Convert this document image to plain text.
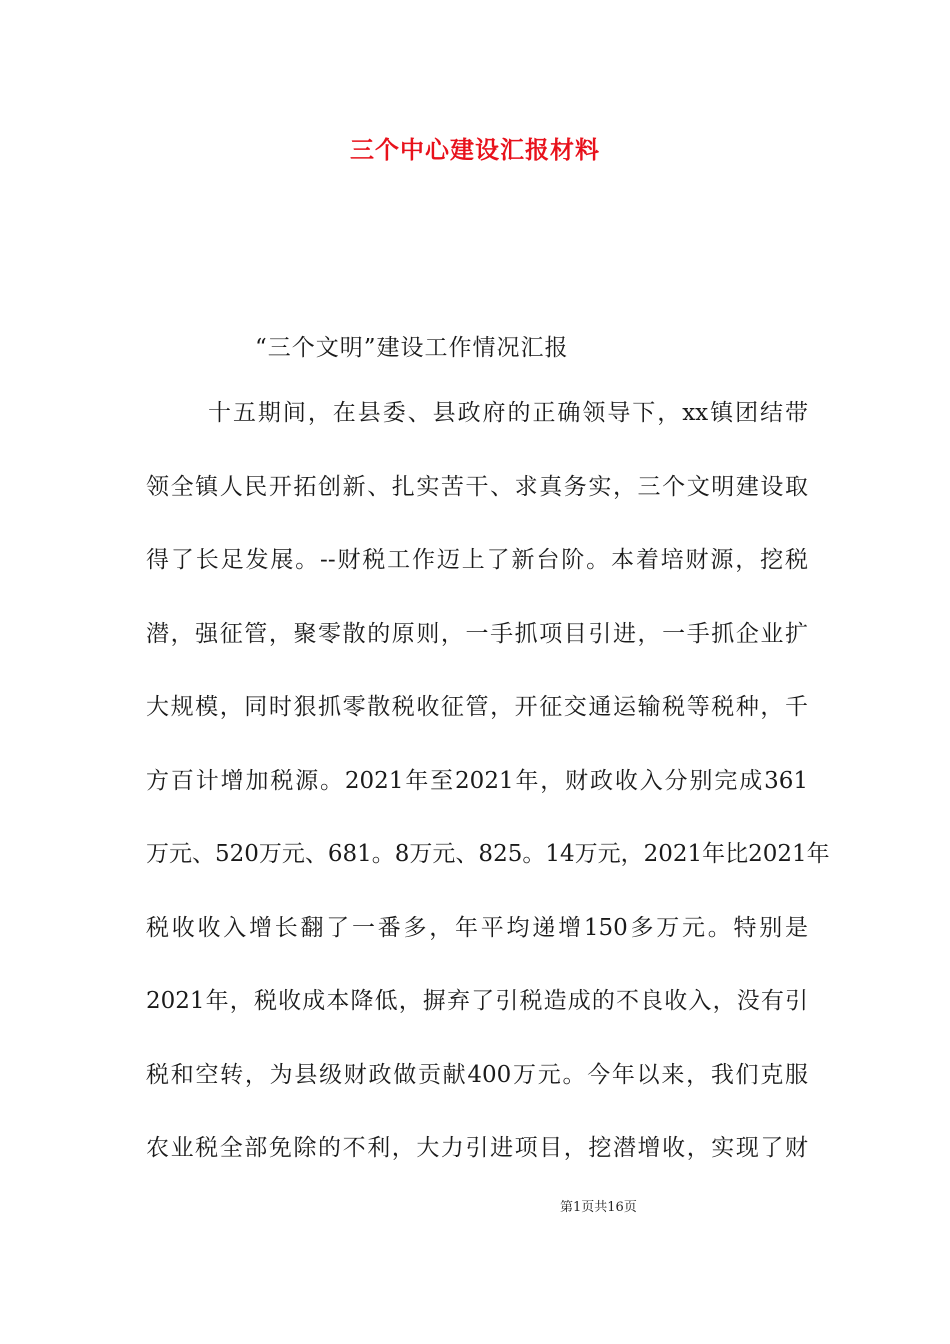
三个中心建设汇报材料
“三个文明”建设工作情况汇报
十五期间，在县委、县政府的正确领导下，xx镇团结带
领全镇人民开拓创新、扎实苦干、求真务实，三个文明建设取
得了长足发展。--财税工作迈上了新台阶。本着培财源，挖税
潜，强征管，聚零散的原则，一手抓项目引进，一手抓企业扩
大规模，同时狠抓零散税收征管，开征交通运输税等税种，千
方百计增加税源。2021年至2021年，财政收入分别完成361
万元、520万元、681。8万元、825。14万元，2021年比2021年
税收收入增长翻了一番多，年平均递增150多万元。特别是
2021年，税收成本降低，摒弃了引税造成的不良收入，没有引
税和空转，为县级财政做贡献400万元。今年以来，我们克服
农业税全部免除的不利，大力引进项目，挖潜增收，实现了财
第1页共16页
